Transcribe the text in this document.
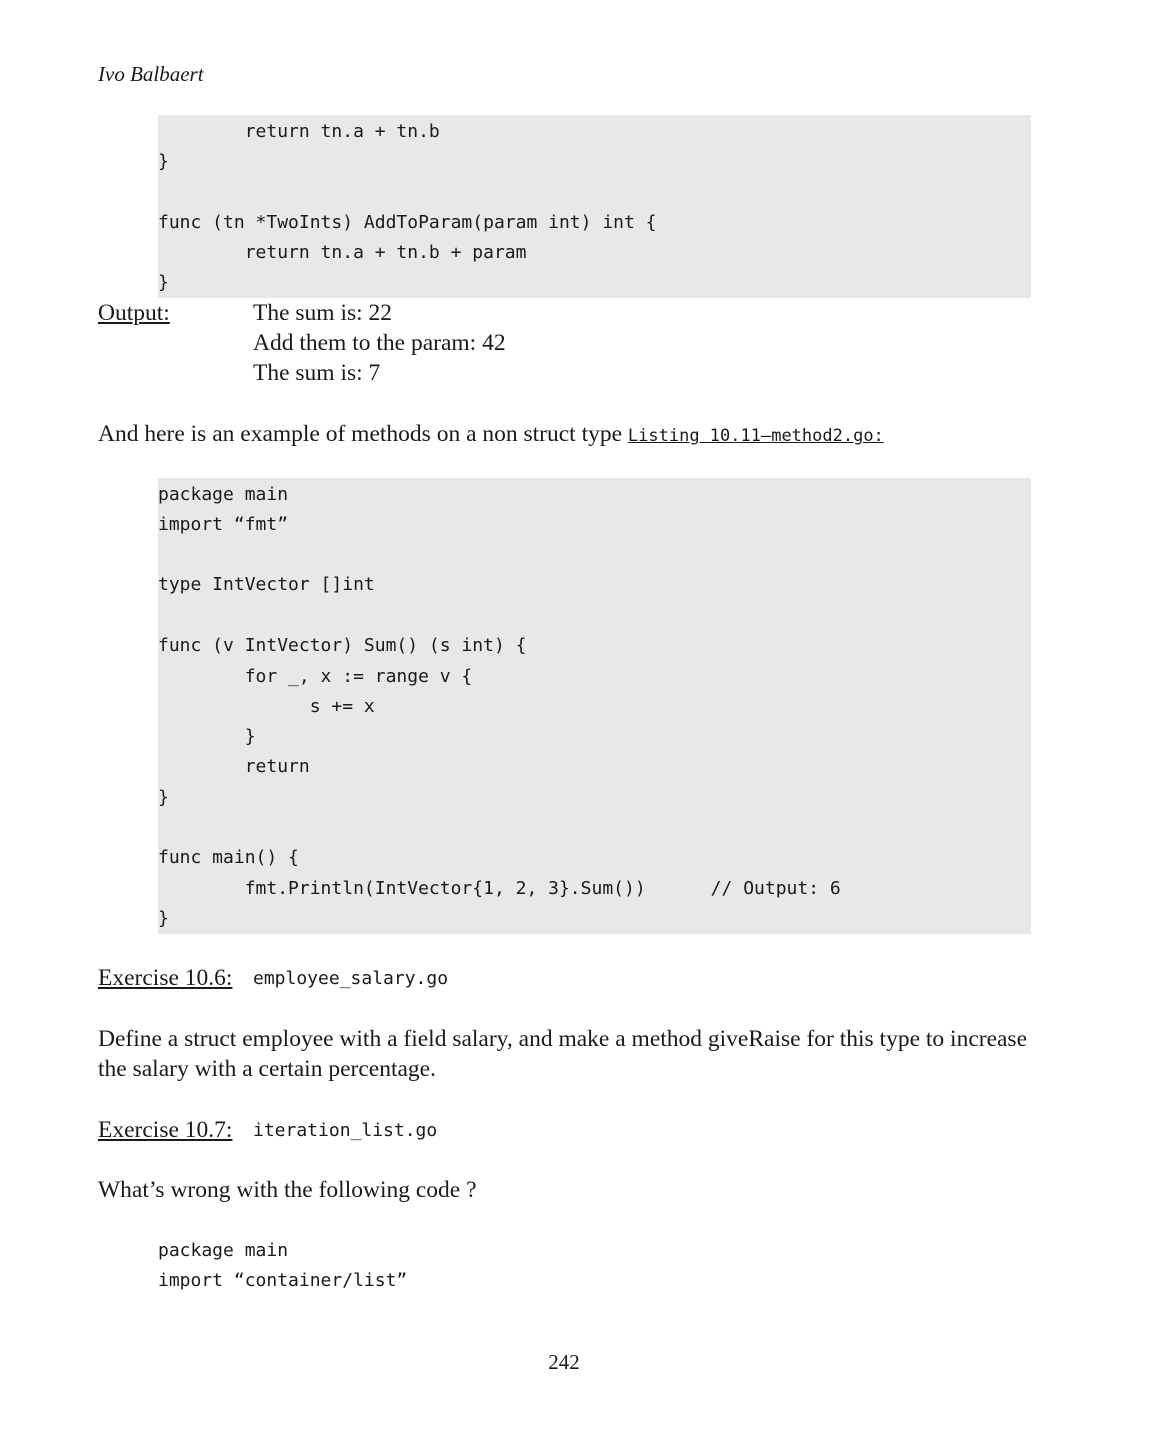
Ivo Balbaert
return tn.a + tn.b
}
func (tn *TwoInts) AddToParam(param int) int {
return tn.a + tn.b + param
}
Output:	The sum is: 22
Add them to the param: 42
The sum is: 7
And here is an example of methods on a non struct type Listing 10.11—method2.go:
package main
import “fmt”
type IntVector []int
func (v IntVector) Sum() (s int) {
for _, x := range v {
s += x
}
return
}
func main() {
fmt.Println(IntVector{1, 2, 3}.Sum())      // Output: 6
}
Exercise 10.6: employee_salary.go
Define a struct employee with a field salary, and make a method giveRaise for this type to increase
the salary with a certain percentage.
Exercise 10.7: iteration_list.go
What’s wrong with the following code ?
package main
import “container/list”
242
